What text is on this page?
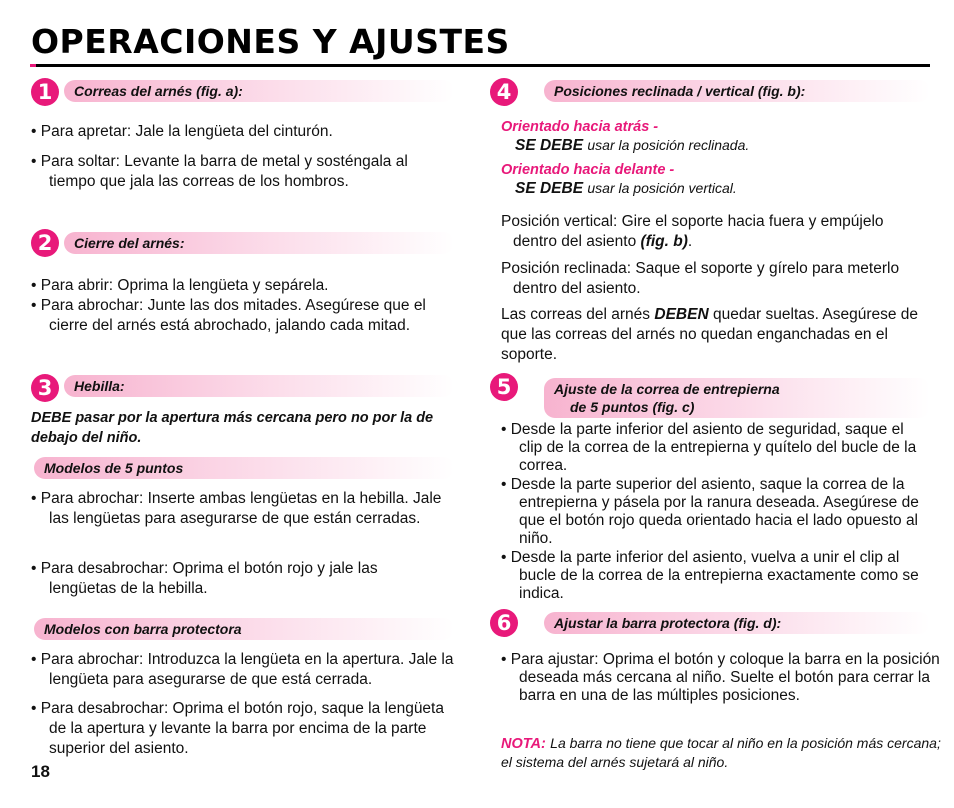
OPERACIONES Y AJUSTES
Correas del arnés (fig. a):
1
• Para apretar: Jale la lengüeta del cinturón.
• Para soltar: Levante la barra de metal y sosténgala al tiempo que jala las correas de los hombros.
Cierre del arnés:
2
• Para abrir: Oprima la lengüeta y sepárela.
• Para abrochar: Junte las dos mitades. Asegúrese que el cierre del arnés está abrochado, jalando cada mitad.
Hebilla:
3
DEBE pasar por la apertura más cercana pero no por la de debajo del niño.
Modelos de 5 puntos
• Para abrochar: Inserte ambas lengüetas en la hebilla. Jale las lengüetas para asegurarse de que están cerradas.
• Para desabrochar: Oprima el botón rojo y jale las lengüetas de la hebilla.
Modelos con barra protectora
• Para abrochar: Introduzca la lengüeta en la apertura. Jale la lengüeta para asegurarse de que está cerrada.
• Para desabrochar: Oprima el botón rojo, saque la lengüeta de la apertura y levante la barra por encima de la parte superior del asiento.
18
Posiciones reclinada / vertical (fig. b):
4
Orientado hacia atrás -
SE DEBE usar la posición reclinada.
Orientado hacia delante -
SE DEBE usar la posición vertical.
Posición vertical: Gire el soporte hacia fuera y empújelo dentro del asiento (fig. b).
Posición reclinada: Saque el soporte y gírelo para meterlo dentro del asiento.
Las correas del arnés DEBEN quedar sueltas. Asegúrese de que las correas del arnés no quedan enganchadas en el soporte.
Ajuste de la correa de entrepierna
de 5 puntos (fig. c)
5
• Desde la parte inferior del asiento de seguridad, saque el clip de la correa de la entrepierna y quítelo del bucle de la correa.
• Desde la parte superior del asiento, saque la correa de la entrepierna y pásela por la ranura deseada. Asegúrese de que el botón rojo queda orientado hacia el lado opuesto al niño.
• Desde la parte inferior del asiento, vuelva a unir el clip al bucle de la correa de la entrepierna exactamente como se indica.
Ajustar la barra protectora (fig. d):
6
• Para ajustar: Oprima el botón y coloque la barra en la posición deseada más cercana al niño. Suelte el botón para cerrar la barra en una de las múltiples posiciones.
NOTA: La barra no tiene que tocar al niño en la posición más cercana; el sistema del arnés sujetará al niño.
